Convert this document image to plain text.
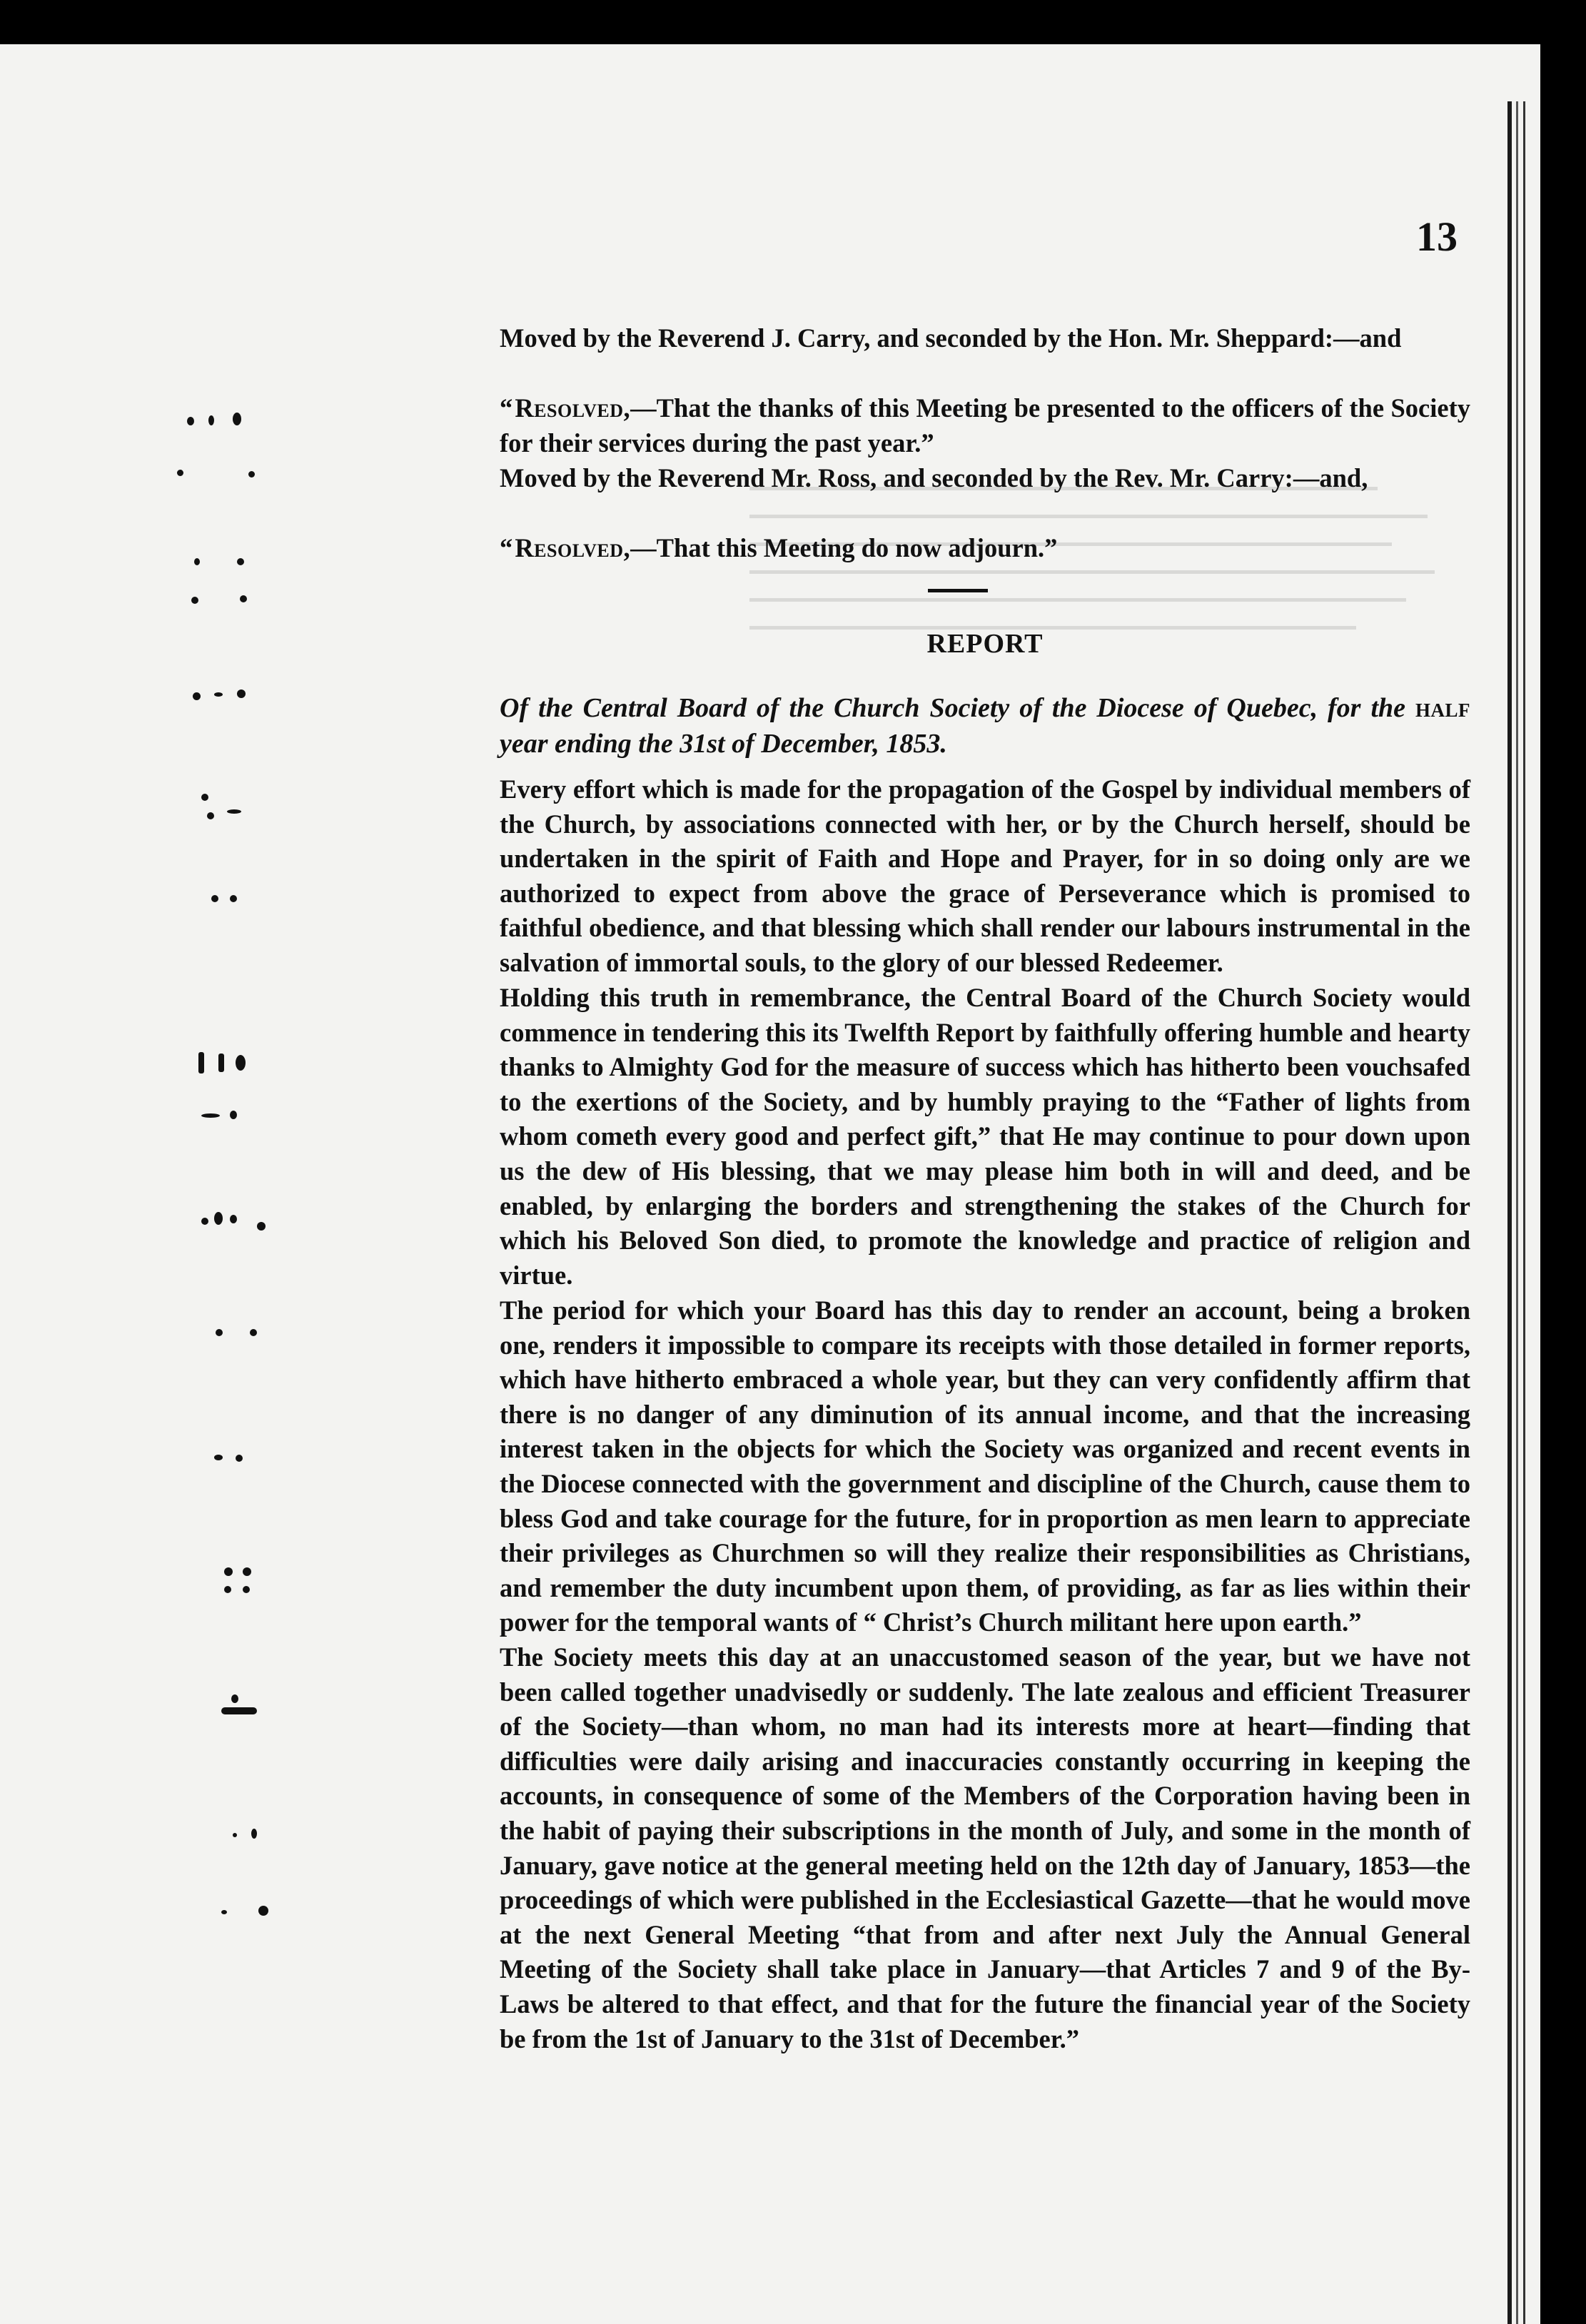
13

Moved by the Reverend J. Carry, and seconded by the Hon. Mr. Sheppard:—and

“ Resolved,—That the thanks of this Meeting be presented to the officers of the Society for their services during the past year.”

Moved by the Reverend Mr. Ross, and seconded by the Rev. Mr. Carry:—and,

“ Resolved,—That this Meeting do now adjourn.”

REPORT
Of the Central Board of the Church Society of the Diocese of Quebec, for the half year ending the 31st of December, 1853.

Every effort which is made for the propagation of the Gospel by individual members of the Church, by associations connected with her, or by the Church herself, should be undertaken in the spirit of Faith and Hope and Prayer, for in so doing only are we authorized to expect from above the grace of Perseverance which is promised to faithful obedience, and that blessing which shall render our labours instrumental in the salvation of immortal souls, to the glory of our blessed Redeemer.

Holding this truth in remembrance, the Central Board of the Church Society would commence in tendering this its Twelfth Report by faithfully offering humble and hearty thanks to Almighty God for the measure of success which has hitherto been vouchsafed to the exertions of the Society, and by humbly praying to the “Father of lights from whom cometh every good and perfect gift,” that He may continue to pour down upon us the dew of His blessing, that we may please him both in will and deed, and be enabled, by enlarging the borders and strengthening the stakes of the Church for which his Beloved Son died, to promote the knowledge and practice of religion and virtue.

The period for which your Board has this day to render an account, being a broken one, renders it impossible to compare its receipts with those detailed in former reports, which have hitherto embraced a whole year, but they can very confidently affirm that there is no danger of any diminution of its annual income, and that the increasing interest taken in the objects for which the Society was organized and recent events in the Diocese connected with the government and discipline of the Church, cause them to bless God and take courage for the future, for in proportion as men learn to appreciate their privileges as Churchmen so will they realize their responsibilities as Christians, and remember the duty incumbent upon them, of providing, as far as lies within their power for the temporal wants of “ Christ’s Church militant here upon earth.”

The Society meets this day at an unaccustomed season of the year, but we have not been called together unadvisedly or suddenly. The late zealous and efficient Treasurer of the Society—than whom, no man had its interests more at heart—finding that difficulties were daily arising and inaccuracies constantly occurring in keeping the accounts, in consequence of some of the Members of the Corporation having been in the habit of paying their subscriptions in the month of July, and some in the month of January, gave notice at the general meeting held on the 12th day of January, 1853—the proceedings of which were published in the Ecclesiastical Gazette—that he would move at the next General Meeting “that from and after next July the Annual General Meeting of the Society shall take place in January—that Articles 7 and 9 of the By-Laws be altered to that effect, and that for the future the financial year of the Society be from the 1st of January to the 31st of December.”
